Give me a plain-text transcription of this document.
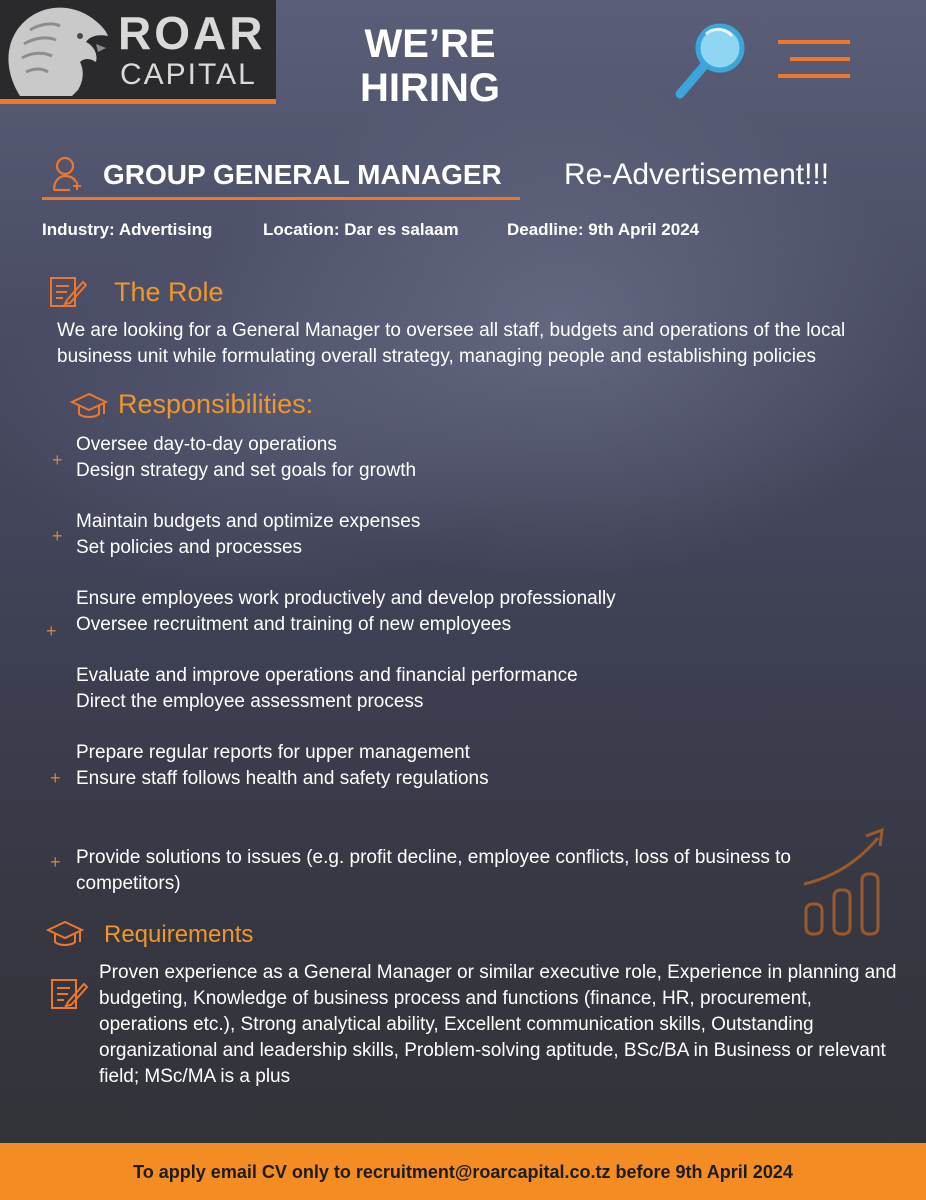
ROAR
CAPITAL
WE’RE
HIRING
GROUP GENERAL MANAGER Re-Advertisement!!!
Industry: Advertising	Location: Dar es salaam	Deadline: 9th April 2024
The Role
We are looking for a General Manager to oversee all staff, budgets and operations of the local business unit while formulating overall strategy, managing people and establishing policies
Responsibilities:
+
Oversee day-to-day operations
Design strategy and set goals for growth
+
Maintain budgets and optimize expenses
Set policies and processes
+
Ensure employees work productively and develop professionally
Oversee recruitment and training of new employees
Evaluate and improve operations and financial performance
Direct the employee assessment process
+
Prepare regular reports for upper management
Ensure staff follows health and safety regulations
+ Provide solutions to issues (e.g. profit decline, employee conflicts, loss of business to
competitors)
Requirements
Proven experience as a General Manager or similar executive role, Experience in planning and budgeting, Knowledge of business process and functions (finance, HR, procurement, operations etc.), Strong analytical ability, Excellent communication skills, Outstanding organizational and leadership skills, Problem-solving aptitude, BSc/BA in Business or relevant field; MSc/MA is a plus
To apply email CV only to recruitment@roarcapital.co.tz before 9th April 2024
